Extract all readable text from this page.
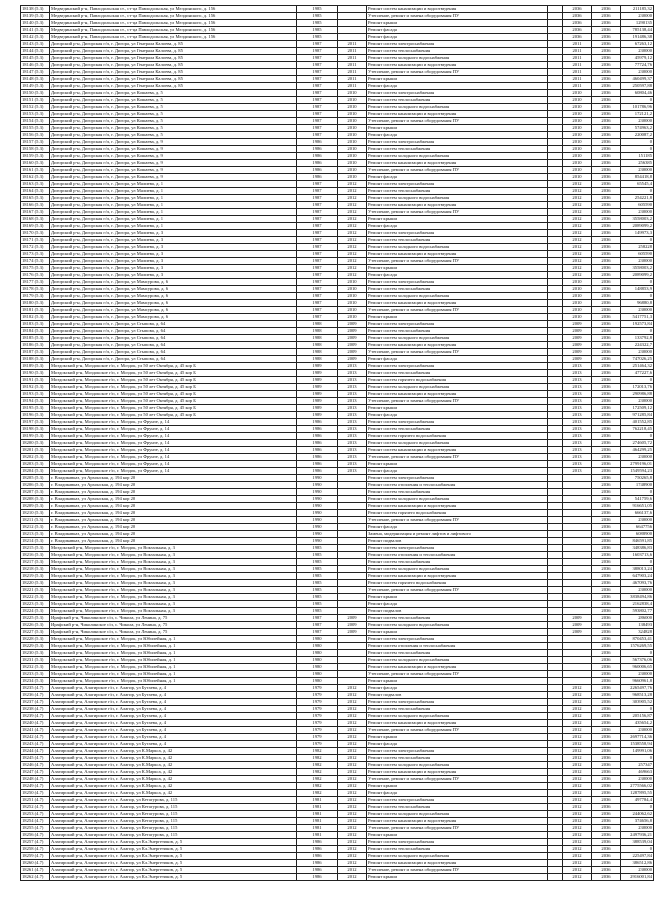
18138 (5.3)	Медвединский р-н, Павлодольская ст., ст-ца Павлодольская, ул Мелдинского, д. 156	1985		Ремонт систем канализации и водоотведения		2036	2036	211185,32
18139 (5.3)	Медвединский р-н, Павлодольская ст., ст-ца Павлодольская, ул Мелдинского, д. 156	1985		Утепление, ремонт и замена оборудования ПУ		2036	2036	230000
18140 (5.3)	Медвединский р-н, Павлодольская ст., ст-ца Павлодольская, ул Мелдинского, д. 156	1985		Ремонт крыши		2036	2036	1290135
18141 (5.3)	Медвединский р-н, Павлодольская ст., ст-ца Павлодольская, ул Мелдинского, д. 156	1985		Ремонт фасада		2036	2036	785138,44
18142 (5.3)	Медвединский р-н, Павлодольская ст., ст-ца Павлодольская, ул Мелдинского, д. 156	1985		Ремонт фасада		2036	2036	191486,38
18143 (5.3)	Дигорский р-н, Дигорская г/п, г. Дигора, ул Генерала Калоева, д. 85	1987	2011	Ремонт систем электроснабжения		2011	2036	67263,12
18144 (5.3)	Дигорский р-н, Дигорская г/п, г. Дигора, ул Генерала Калоева, д. 85	1987	2011	Ремонт систем теплоснабжения		2011	2036	230000
18145 (5.3)	Дигорский р-н, Дигорская г/п, г. Дигора, ул Генерала Калоева, д. 85	1987	2011	Ремонт систем холодного водоснабжения		2011	2036	45979,12
18146 (5.3)	Дигорский р-н, Дигорская г/п, г. Дигора, ул Генерала Калоева, д. 85	1987	2011	Ремонт систем канализации и водоотведения		2011	2036	77724,76
18147 (5.3)	Дигорский р-н, Дигорская г/п, г. Дигора, ул Генерала Калоева, д. 85	1987	2011	Утепление, ремонт и замена оборудования ПУ		2011	2036	230000
18148 (5.3)	Дигорский р-н, Дигорская г/п, г. Дигора, ул Генерала Калоева, д. 85	1987	2011	Ремонт крыши		2011	2036	460499,37
18149 (5.3)	Дигорский р-н, Дигорская г/п, г. Дигора, ул Генерала Калоева, д. 85	1987	2011	Ремонт фасада		2011	2036	250597,88
18150 (5.3)	Дигорский р-н, Дигорская г/п, г. Дигора, ул Кошаева, д. 5	1987	2010	Ремонт систем электроснабжения		2010	2036	60804,46
18151 (5.3)	Дигорский р-н, Дигорская г/п, г. Дигора, ул Кошаева, д. 5	1987	2010	Ремонт систем теплоснабжения		2010	2036	0
18152 (5.3)	Дигорский р-н, Дигорская г/п, г. Дигора, ул Кошаева, д. 5	1987	2010	Ремонт систем холодного водоснабжения		2010	2036	101786,96
18153 (5.3)	Дигорский р-н, Дигорская г/п, г. Дигора, ул Кошаева, д. 5	1987	2010	Ремонт систем канализации и водоотведения		2010	2036	172121,2
18154 (5.3)	Дигорский р-н, Дигорская г/п, г. Дигора, ул Кошаева, д. 5	1987	2010	Утепление, ремонт и замена оборудования ПУ		2010	2036	230000
18155 (5.3)	Дигорский р-н, Дигорская г/п, г. Дигора, ул Кошаева, д. 5	1987	2010	Ремонт крыши		2010	2036	574963,2
18156 (5.3)	Дигорский р-н, Дигорская г/п, г. Дигора, ул Кошаева, д. 5	1987	2010	Ремонт фасада		2010	2036	220087,2
18157 (5.3)	Дигорский р-н, Дигорская г/п, г. Дигора, ул Кошаева, д. 9	1986	2010	Ремонт систем электроснабжения		2010	2036	0
18158 (5.3)	Дигорский р-н, Дигорская г/п, г. Дигора, ул Кошаева, д. 9	1986	2010	Ремонт систем теплоснабжения		2010	2036	0
18159 (5.3)	Дигорский р-н, Дигорская г/п, г. Дигора, ул Кошаева, д. 9	1986	2010	Ремонт систем холодного водоснабжения		2010	2036	151185
18160 (5.3)	Дигорский р-н, Дигорская г/п, г. Дигора, ул Кошаева, д. 9	1986	2010	Ремонт систем канализации и водоотведения		2010	2036	256385
18161 (5.3)	Дигорский р-н, Дигорская г/п, г. Дигора, ул Кошаева, д. 9	1986	2010	Утепление, ремонт и замена оборудования ПУ		2010	2036	230000
18162 (5.3)	Дигорский р-н, Дигорская г/п, г. Дигора, ул Кошаева, д. 9	1986	2010	Ремонт фасада		2010	2036	854418,8
18163 (5.3)	Дигорский р-н, Дигорская г/п, г. Дигора, ул Малиева, д. 1	1987	2012	Ремонт систем электроснабжения		2012	2036	65545,4
18164 (5.3)	Дигорский р-н, Дигорская г/п, г. Дигора, ул Малиева, д. 1	1987	2012	Ремонт систем теплоснабжения		2012	2036	0
18165 (5.3)	Дигорский р-н, Дигорская г/п, г. Дигора, ул Малиева, д. 1	1987	2012	Ремонт систем холодного водоснабжения		2012	2036	254221,8
18166 (5.3)	Дигорский р-н, Дигорская г/п, г. Дигора, ул Малиева, д. 1	1987	2012	Ремонт систем канализации и водоотведения		2012	2036	605590
18167 (5.3)	Дигорский р-н, Дигорская г/п, г. Дигора, ул Малиева, д. 1	1987	2012	Утепление, ремонт и замена оборудования ПУ		2012	2036	230000
18168 (5.3)	Дигорский р-н, Дигорская г/п, г. Дигора, ул Малиева, д. 1	1987	2012	Ремонт крыши		2012	2036	3558003,2
18169 (5.3)	Дигорский р-н, Дигорская г/п, г. Дигора, ул Малиева, д. 1	1987	2012	Ремонт фасада		2012	2036	2089099,2
18170 (5.3)	Дигорский р-н, Дигорская г/п, г. Дигора, ул Малиева, д. 3	1987	2012	Ремонт систем электроснабжения		2012	2036	149973,3
18171 (5.3)	Дигорский р-н, Дигорская г/п, г. Дигора, ул Малиева, д. 3	1987	2012	Ремонт систем теплоснабжения		2012	2036	0
18172 (5.3)	Дигорский р-н, Дигорская г/п, г. Дигора, ул Малиева, д. 3	1987	2012	Ремонт систем холодного водоснабжения		2012	2036	258228
18173 (5.3)	Дигорский р-н, Дигорская г/п, г. Дигора, ул Малиева, д. 3	1987	2012	Ремонт систем канализации и водоотведения		2012	2036	605590
18174 (5.3)	Дигорский р-н, Дигорская г/п, г. Дигора, ул Малиева, д. 3	1987	2012	Утепление, ремонт и замена оборудования ПУ		2012	2036	230000
18175 (5.3)	Дигорский р-н, Дигорская г/п, г. Дигора, ул Малиева, д. 3	1987	2012	Ремонт крыши		2012	2036	3558003,2
18176 (5.3)	Дигорский р-н, Дигорская г/п, г. Дигора, ул Малиева, д. 3	1987	2012	Ремонт фасада		2012	2036	2089099,2
18177 (5.3)	Дигорский р-н, Дигорская г/п, г. Дигора, ул Мамсурова, д. 6	1987	2010	Ремонт систем электроснабжения		2010	2036	0
18178 (5.3)	Дигорский р-н, Дигорская г/п, г. Дигора, ул Мамсурова, д. 6	1987	2010	Ремонт систем теплоснабжения		2010	2036	148853,9
18179 (5.3)	Дигорский р-н, Дигорская г/п, г. Дигора, ул Мамсурова, д. 6	1987	2010	Ремонт систем холодного водоснабжения		2010	2036	0
18180 (5.3)	Дигорский р-н, Дигорская г/п, г. Дигора, ул Мамсурова, д. 6	1987	2010	Ремонт систем канализации и водоотведения		2010	2036	96880,8
18181 (5.3)	Дигорский р-н, Дигорская г/п, г. Дигора, ул Мамсурова, д. 6	1987	2010	Утепление, ремонт и замена оборудования ПУ		2010	2036	230000
18182 (5.3)	Дигорский р-н, Дигорская г/п, г. Дигора, ул Мамсурова, д. 6	1987	2010	Ремонт крыши		2010	2036	5417751,3
18183 (5.3)	Дигорский р-н, Дигорская г/п, г. Дигора, ул Стыпова, д. 64	1988	2009	Ремонт систем электроснабжения		2009	2036	192573,84
18184 (5.3)	Дигорский р-н, Дигорская г/п, г. Дигора, ул Стыпова, д. 64	1988	2009	Ремонт систем теплоснабжения		2009	2036	0
18185 (5.3)	Дигорский р-н, Дигорская г/п, г. Дигора, ул Стыпова, д. 64	1988	2009	Ремонт систем холодного водоснабжения		2009	2036	133792,8
18186 (5.3)	Дигорский р-н, Дигорская г/п, г. Дигора, ул Стыпова, д. 64	1988	2009	Ремонт систем канализации и водоотведения		2009	2036	224322,7
18187 (5.3)	Дигорский р-н, Дигорская г/п, г. Дигора, ул Стыпова, д. 64	1988	2009	Утепление, ремонт и замена оборудования ПУ		2009	2036	230000
18188 (5.3)	Дигорский р-н, Дигорская г/п, г. Дигора, ул Стыпова, д. 64	1988	2009	Ремонт фасада		2009	2036	747026,25
18189 (5.3)	Моздокский р-н, Моздокское г/п, г. Моздок, ул 50 лет Октября, д. 45 кор Б	1989	2013	Ремонт систем электроснабжения		2013	2036	251464,32
18190 (5.3)	Моздокский р-н, Моздокское г/п, г. Моздок, ул 50 лет Октября, д. 45 кор Б	1989	2013	Ремонт систем теплоснабжения		2013	2036	477227,6
18191 (5.3)	Моздокский р-н, Моздокское г/п, г. Моздок, ул 50 лет Октября, д. 45 кор Б	1989	2013	Ремонт систем горячего водоснабжения		2013	2036	0
18192 (5.3)	Моздокский р-н, Моздокское г/п, г. Моздок, ул 50 лет Октября, д. 45 кор Б	1989	2013	Ремонт систем холодного водоснабжения		2013	2036	172013,76
18193 (5.3)	Моздокский р-н, Моздокское г/п, г. Моздок, ул 50 лет Октября, д. 45 кор Б	1989	2013	Ремонт систем канализации и водоотведения		2013	2036	290986,88
18194 (5.3)	Моздокский р-н, Моздокское г/п, г. Моздок, ул 50 лет Октября, д. 45 кор Б	1989	2013	Утепление, ремонт и замена оборудования ПУ		2013	2036	230000
18195 (5.3)	Моздокский р-н, Моздокское г/п, г. Моздок, ул 50 лет Октября, д. 45 кор Б	1989	2013	Ремонт крыши		2013	2036	172509,12
18196 (5.3)	Моздокский р-н, Моздокское г/п, г. Моздок, ул 50 лет Октября, д. 45 кор Б	1989	2013	Ремонт фасада		2013	2036	971285,84
18197 (5.3)	Моздокский р-н, Моздокское г/п, г. Моздок, ул Фрунзе, д. 14	1986	2013	Ремонт систем электроснабжения		2013	2036	401552,85
18198 (5.3)	Моздокский р-н, Моздокское г/п, г. Моздок, ул Фрунзе, д. 14	1986	2013	Ремонт систем теплоснабжения		2013	2036	762218,45
18199 (5.3)	Моздокский р-н, Моздокское г/п, г. Моздок, ул Фрунзе, д. 14	1986	2013	Ремонт систем горячего водоснабжения		2013	2036	0
18200 (5.3)	Моздокский р-н, Моздокское г/п, г. Моздок, ул Фрунзе, д. 14	1986	2013	Ремонт систем холодного водоснабжения		2013	2036	274605,72
18201 (5.3)	Моздокский р-н, Моздокское г/п, г. Моздок, ул Фрунзе, д. 14	1986	2013	Ремонт систем канализации и водоотведения		2013	2036	464299,25
18202 (5.3)	Моздокский р-н, Моздокское г/п, г. Моздок, ул Фрунзе, д. 14	1986	2013	Утепление, ремонт и замена оборудования ПУ		2013	2036	230000
18203 (5.3)	Моздокский р-н, Моздокское г/п, г. Моздок, ул Фрунзе, д. 14	1986	2013	Ремонт крыши		2013	2036	2799196,01
18204 (5.3)	Моздокский р-н, Моздокское г/п, г. Моздок, ул Фрунзе, д. 14	1986	2013	Ремонт фасада		2013	2036	1549594,23
18205 (5.3)	г. Владикавказ, ул Архонская, д. 194 кор 20	1990		Ремонт систем электроснабжения			2036	750265,8
18206 (5.3)	г. Владикавказ, ул Архонская, д. 194 кор 20	1990		Ремонт систем отопления и теплоснабжения			2036	1748900
18207 (5.3)	г. Владикавказ, ул Архонская, д. 194 кор 20	1990		Ремонт систем теплоснабжения			2036	0
18208 (5.3)	г. Владикавказ, ул Архонская, д. 194 кор 20	1990		Ремонт систем холодного водоснабжения			2036	541759,6
18209 (5.3)	г. Владикавказ, ул Архонская, д. 194 кор 20	1990		Ремонт систем канализации и водоотведения			2036	916651,05
18210 (5.3)	г. Владикавказ, ул Архонская, д. 194 кор 20	1990		Ремонт систем горячего водоснабжения			2036	666137,6
18211 (5.3)	г. Владикавказ, ул Архонская, д. 194 кор 20	1990		Утепление, ремонт и замена оборудования ПУ			2036	230000
18212 (5.3)	г. Владикавказ, ул Архонская, д. 194 кор 20	1990		Ремонт фасада			2036	6647756
18213 (5.3)	г. Владикавказ, ул Архонская, д. 194 кор 20	1990		Замена, модернизация и ремонт лифтов и лифтового			2036	6088900
18214 (5.3)	г. Владикавказ, ул Архонская, д. 194 кор 20	1990		Ремонт подвалов			2036	846591,85
18215 (5.3)	Моздокский р-н, Моздокское г/п, г. Моздок, ул Вокзальная, д. 3	1985		Ремонт систем электроснабжения			2036	348386,83
18216 (5.3)	Моздокский р-н, Моздокское г/п, г. Моздок, ул Вокзальная, д. 3	1985		Ремонт систем отопления и теплоснабжения			2036	1603713,6
18217 (5.3)	Моздокский р-н, Моздокское г/п, г. Моздок, ул Вокзальная, д. 3	1985		Ремонт систем теплоснабжения			2036	0
18218 (5.3)	Моздокский р-н, Моздокское г/п, г. Моздок, ул Вокзальная, д. 3	1985		Ремонт систем холодного водоснабжения			2036	388013,24
18219 (5.3)	Моздокский р-н, Моздокское г/п, г. Моздок, ул Вокзальная, д. 3	1985		Ремонт систем канализации и водоотведения			2036	647903,24
18220 (5.3)	Моздокский р-н, Моздокское г/п, г. Моздок, ул Вокзальная, д. 3	1985		Ремонт систем горячего водоснабжения			2036	467093,76
18221 (5.3)	Моздокский р-н, Моздокское г/п, г. Моздок, ул Вокзальная, д. 3	1985		Утепление, ремонт и замена оборудования ПУ			2036	230000
18222 (5.3)	Моздокский р-н, Моздокское г/п, г. Моздок, ул Вокзальная, д. 3	1985		Ремонт крыши			2036	3838494,86
18223 (5.3)	Моздокский р-н, Моздокское г/п, г. Моздок, ул Вокзальная, д. 3	1985		Ремонт фасада			2036	2162838,4
18224 (5.3)	Моздокский р-н, Моздокское г/п, г. Моздок, ул Вокзальная, д. 3	1985		Ремонт подвалов			2036	593802,77
18225 (5.3)	Ирафский р-н, Чиколинское с/п, с. Чикола, ул Ленина, д. 75	1987	2009	Ремонт систем теплоснабжения		2009	2036	286000
18226 (5.3)	Ирафский р-н, Чиколинское с/п, с. Чикола, ул Ленина, д. 75	1987	2009	Ремонт систем холодного водоснабжения		2009	2036	138493
18227 (5.3)	Ирафский р-н, Чиколинское с/п, с. Чикола, ул Ленина, д. 75	1987	2009	Ремонт крыши		2009	2036	324828
18228 (5.3)	Моздокский р-н, Моздокское г/п, г. Моздок, ул Юбилейная, д. 1	1980		Ремонт систем электроснабжения			2036	870453,41
18229 (5.3)	Моздокский р-н, Моздокское г/п, г. Моздок, ул Юбилейная, д. 1	1980		Ремонт систем отопления и теплоснабжения			2036	1576269,55
18230 (5.3)	Моздокский р-н, Моздокское г/п, г. Моздок, ул Юбилейная, д. 1	1980		Ремонт систем теплоснабжения			2036	0
18231 (5.3)	Моздокский р-н, Моздокское г/п, г. Моздок, ул Юбилейная, д. 1	1980		Ремонт систем холодного водоснабжения			2036	567376,06
18232 (5.3)	Моздокский р-н, Моздокское г/п, г. Моздок, ул Юбилейная, д. 1	1980		Ремонт систем канализации и водоотведения			2036	960006,65
18233 (5.3)	Моздокский р-н, Моздокское г/п, г. Моздок, ул Юбилейная, д. 1	1980		Утепление, ремонт и замена оборудования ПУ			2036	230000
18234 (5.3)	Моздокский р-н, Моздокское г/п, г. Моздок, ул Юбилейная, д. 1	1980		Ремонт крыши			2036	9660961,8
18235 (4.7)	Алагирский р-н, Алагирское г/п, г. Алагир, ул Бутаева, д. 4	1979	2012	Ремонт фасада		2012	2036	2265497,76
18236 (4.7)	Алагирский р-н, Алагирское г/п, г. Алагир, ул Бутаева, д. 4	1979	2012	Ремонт подвалов		2012	2036	968513,28
18237 (4.7)	Алагирский р-н, Алагирское г/п, г. Алагир, ул Бутаева, д. 4	1979	2012	Ремонт систем электроснабжения		2012	2036	303905,52
18238 (4.7)	Алагирский р-н, Алагирское г/п, г. Алагир, ул Бутаева, д. 4	1979	2012	Ремонт систем теплоснабжения		2012	2036	0
18239 (4.7)	Алагирский р-н, Алагирское г/п, г. Алагир, ул Бутаева, д. 4	1979	2012	Ремонт систем холодного водоснабжения		2012	2036	205156,87
18240 (4.7)	Алагирский р-н, Алагирское г/п, г. Алагир, ул Бутаева, д. 4	1979	2012	Ремонт систем канализации и водоотведения		2012	2036	435654,2
18241 (4.7)	Алагирский р-н, Алагирское г/п, г. Алагир, ул Бутаева, д. 4	1979	2012	Утепление, ремонт и замена оборудования ПУ		2012	2036	230000
18242 (4.7)	Алагирский р-н, Алагирское г/п, г. Алагир, ул Бутаева, д. 4	1979	2012	Ремонт крыши		2012	2036	2697714,36
18243 (4.7)	Алагирский р-н, Алагирское г/п, г. Алагир, ул Бутаева, д. 4	1979	2012	Ремонт фасада		2012	2036	1538558,94
18244 (4.7)	Алагирский р-н, Алагирское г/п, г. Алагир, ул К.Маркса, д. 42	1982	2012	Ремонт систем электроснабжения		2012	2036	149991,06
18245 (4.7)	Алагирский р-н, Алагирское г/п, г. Алагир, ул К.Маркса, д. 42	1982	2012	Ремонт систем теплоснабжения		2012	2036	0
18246 (4.7)	Алагирский р-н, Алагирское г/п, г. Алагир, ул К.Маркса, д. 42	1982	2012	Ремонт систем холодного водоснабжения		2012	2036	257347
18247 (4.7)	Алагирский р-н, Алагирское г/п, г. Алагир, ул К.Маркса, д. 42	1982	2012	Ремонт систем канализации и водоотведения		2012	2036	469663
18248 (4.7)	Алагирский р-н, Алагирское г/п, г. Алагир, ул К.Маркса, д. 42	1982	2012	Утепление, ремонт и замена оборудования ПУ		2012	2036	230000
18249 (4.7)	Алагирский р-н, Алагирское г/п, г. Алагир, ул К.Маркса, д. 42	1982	2012	Ремонт крыши		2012	2036	2775566,02
18250 (4.7)	Алагирский р-н, Алагирское г/п, г. Алагир, ул К.Маркса, д. 42	1982	2012	Ремонт фасада		2012	2036	1287895,55
18251 (4.7)	Алагирский р-н, Алагирское г/п, г. Алагир, ул Кетагурова, д. 115	1981	2012	Ремонт систем электроснабжения		2012	2036	497784,4
18252 (4.7)	Алагирский р-н, Алагирское г/п, г. Алагир, ул Кетагурова, д. 115	1981	2012	Ремонт систем теплоснабжения		2012	2036	0
18253 (4.7)	Алагирский р-н, Алагирское г/п, г. Алагир, ул Кетагурова, д. 115	1981	2012	Ремонт систем холодного водоснабжения		2012	2036	244062,62
18254 (4.7)	Алагирский р-н, Алагирское г/п, г. Алагир, ул Кетагурова, д. 115	1981	2012	Ремонт систем канализации и водоотведения		2012	2036	374656,8
18255 (4.7)	Алагирский р-н, Алагирское г/п, г. Алагир, ул Кетагурова, д. 115	1981	2012	Утепление, ремонт и замена оборудования ПУ		2012	2036	230000
18256 (4.7)	Алагирский р-н, Алагирское г/п, г. Алагир, ул Кетагурова, д. 115	1981	2012	Ремонт крыши		2012	2036	2497936,21
18257 (4.7)	Алагирский р-н, Алагирское г/п, г. Алагир, ул Кл.Энергетиков, д. 5	1986	2012	Ремонт систем электроснабжения		2012	2036	388539,04
18258 (4.7)	Алагирский р-н, Алагирское г/п, г. Алагир, ул Кл.Энергетиков, д. 5	1986	2012	Ремонт систем теплоснабжения		2012	2036	0
18259 (4.7)	Алагирский р-н, Алагирское г/п, г. Алагир, ул Кл.Энергетиков, д. 5	1986	2012	Ремонт систем холодного водоснабжения		2012	2036	225497,84
18260 (4.7)	Алагирский р-н, Алагирское г/п, г. Алагир, ул Кл.Энергетиков, д. 5	1986	2012	Ремонт систем канализации и водоотведения		2012	2036	386512,86
18261 (4.7)	Алагирский р-н, Алагирское г/п, г. Алагир, ул Кл.Энергетиков, д. 5	1986	2012	Утепление, ремонт и замена оборудования ПУ		2012	2036	230000
18262 (4.7)	Алагирский р-н, Алагирское г/п, г. Алагир, ул Кл.Энергетиков, д. 5	1986	2012	Ремонт крыши		2012	2036	2916001,84
